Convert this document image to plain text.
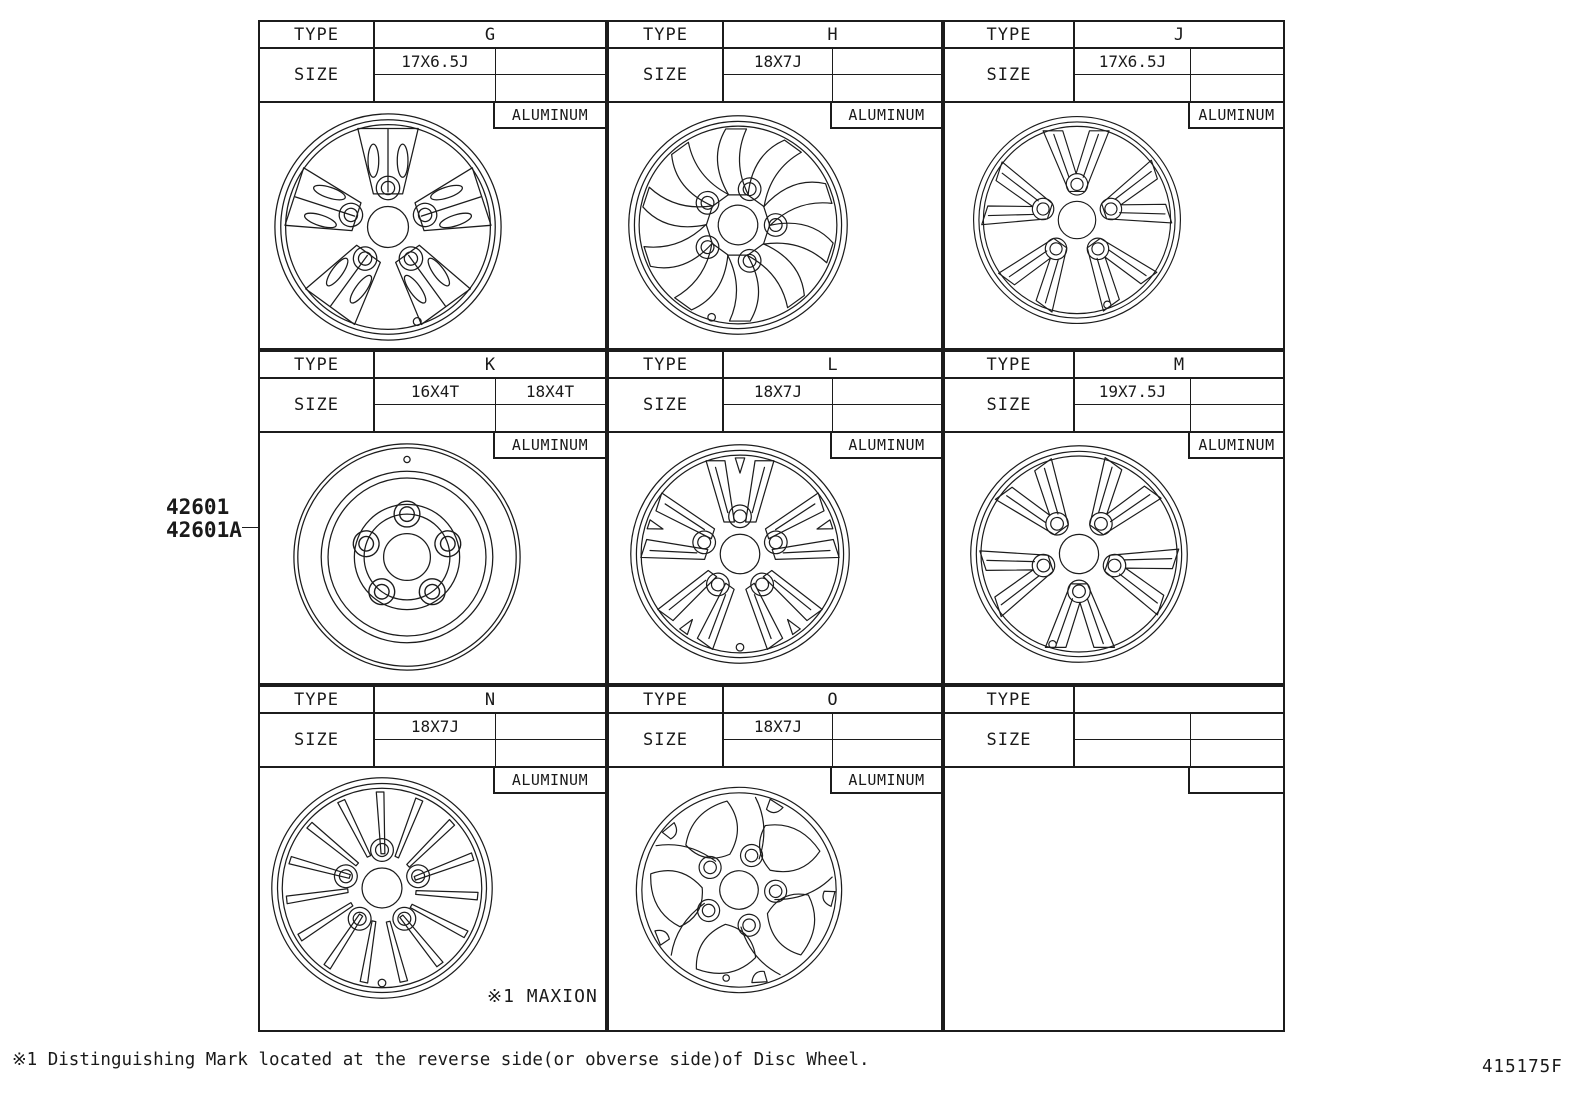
TYPE	G
SIZE
17X6.5J
ALUMINUM
TYPE	H
SIZE
18X7J
ALUMINUM
TYPE	J
SIZE
17X6.5J
ALUMINUM
TYPE	K
SIZE
16X4T	18X4T
ALUMINUM
TYPE	L
SIZE
18X7J
ALUMINUM
TYPE	M
SIZE
19X7.5J
ALUMINUM
TYPE	N
SIZE
18X7J
ALUMINUM
TYPE	O
SIZE
18X7J
ALUMINUM
TYPE
SIZE
42601
42601A
※1 MAXION
※1 Distinguishing Mark located at the reverse side(or obverse side)of Disc Wheel.	415175F
